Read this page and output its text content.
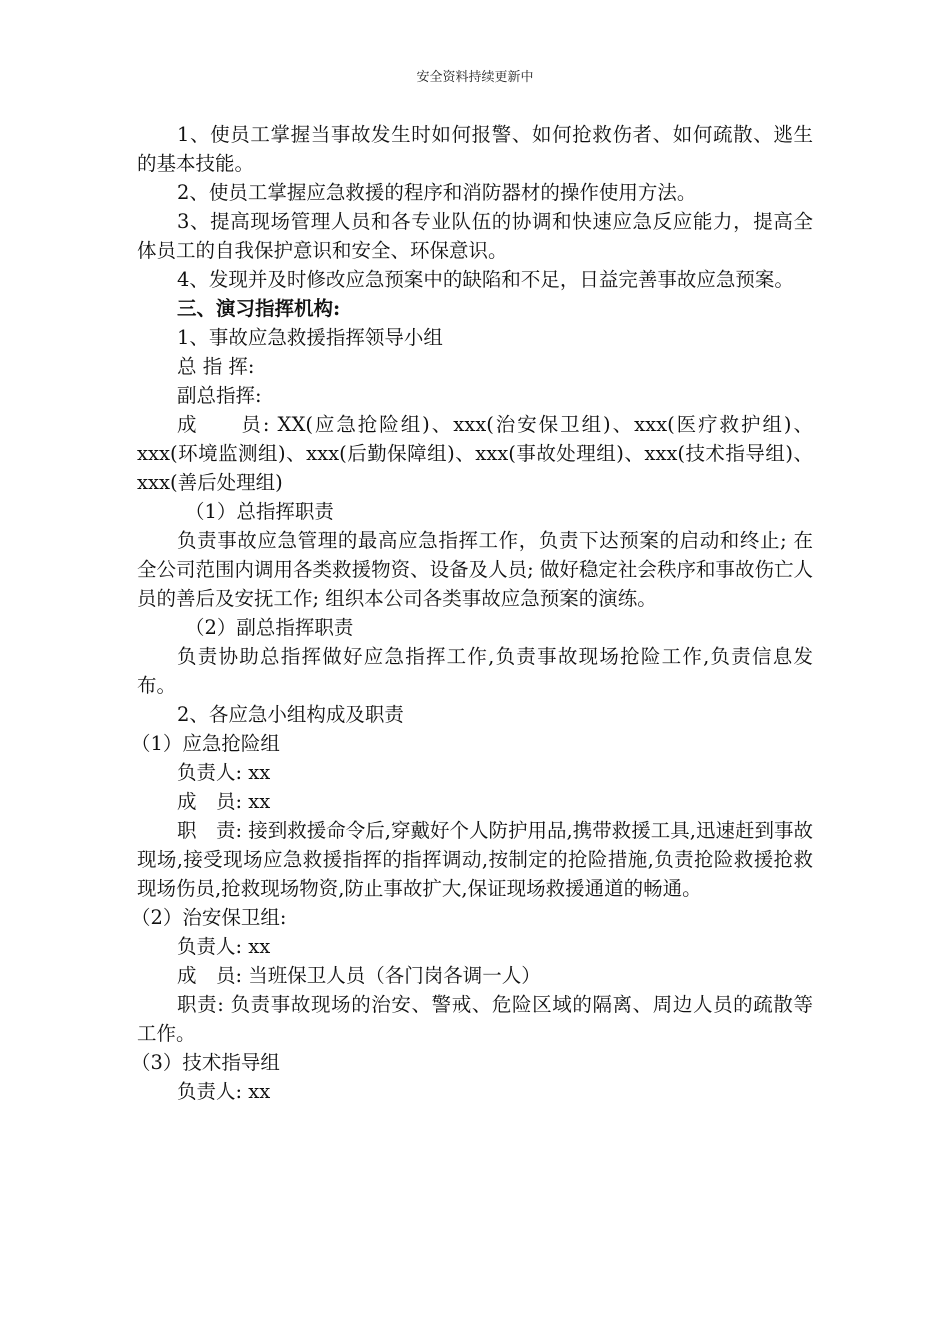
安全资料持续更新中

1、使员工掌握当事故发生时如何报警、如何抢救伤者、如何疏散、逃生的基本技能。

2、使员工掌握应急救援的程序和消防器材的操作使用方法。

3、提高现场管理人员和各专业队伍的协调和快速应急反应能力，提高全体员工的自我保护意识和安全、环保意识。

4、发现并及时修改应急预案中的缺陷和不足，日益完善事故应急预案。

三、演习指挥机构:

1、事故应急救援指挥领导小组

总 指 挥:

副总指挥:

成　　员: XX(应急抢险组)、xxx(治安保卫组)、xxx(医疗救护组)、xxx(环境监测组)、xxx(后勤保障组)、xxx(事故处理组)、xxx(技术指导组)、xxx(善后处理组)

（1）总指挥职责

负责事故应急管理的最高应急指挥工作，负责下达预案的启动和终止; 在全公司范围内调用各类救援物资、设备及人员; 做好稳定社会秩序和事故伤亡人员的善后及安抚工作; 组织本公司各类事故应急预案的演练。

（2）副总指挥职责

负责协助总指挥做好应急指挥工作,负责事故现场抢险工作,负责信息发布。

2、各应急小组构成及职责

（1）应急抢险组

负责人: xx

成　员: xx

职　责: 接到救援命令后,穿戴好个人防护用品,携带救援工具,迅速赶到事故现场,接受现场应急救援指挥的指挥调动,按制定的抢险措施,负责抢险救援抢救现场伤员,抢救现场物资,防止事故扩大,保证现场救援通道的畅通。

（2）治安保卫组:

负责人: xx

成　员: 当班保卫人员（各门岗各调一人）

职责: 负责事故现场的治安、警戒、危险区域的隔离、周边人员的疏散等工作。

（3）技术指导组

负责人: xx
